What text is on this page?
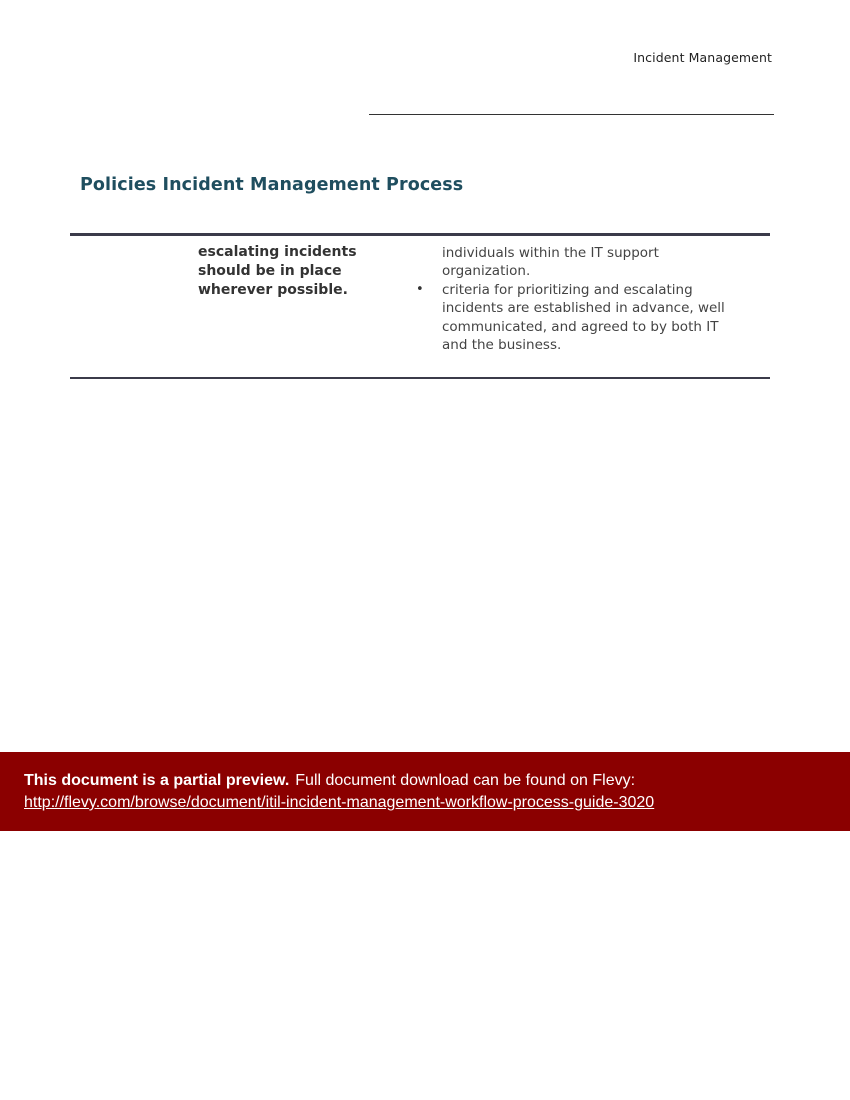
Incident Management
Policies Incident Management Process
escalating incidents
should be in place
wherever possible.
individuals within the IT support
organization.
• criteria for prioritizing and escalating
incidents are established in advance, well
communicated, and agreed to by both IT
and the business.
This document is a partial preview. Full document download can be found on Flevy:
http://flevy.com/browse/document/itil-incident-management-workflow-process-guide-3020
